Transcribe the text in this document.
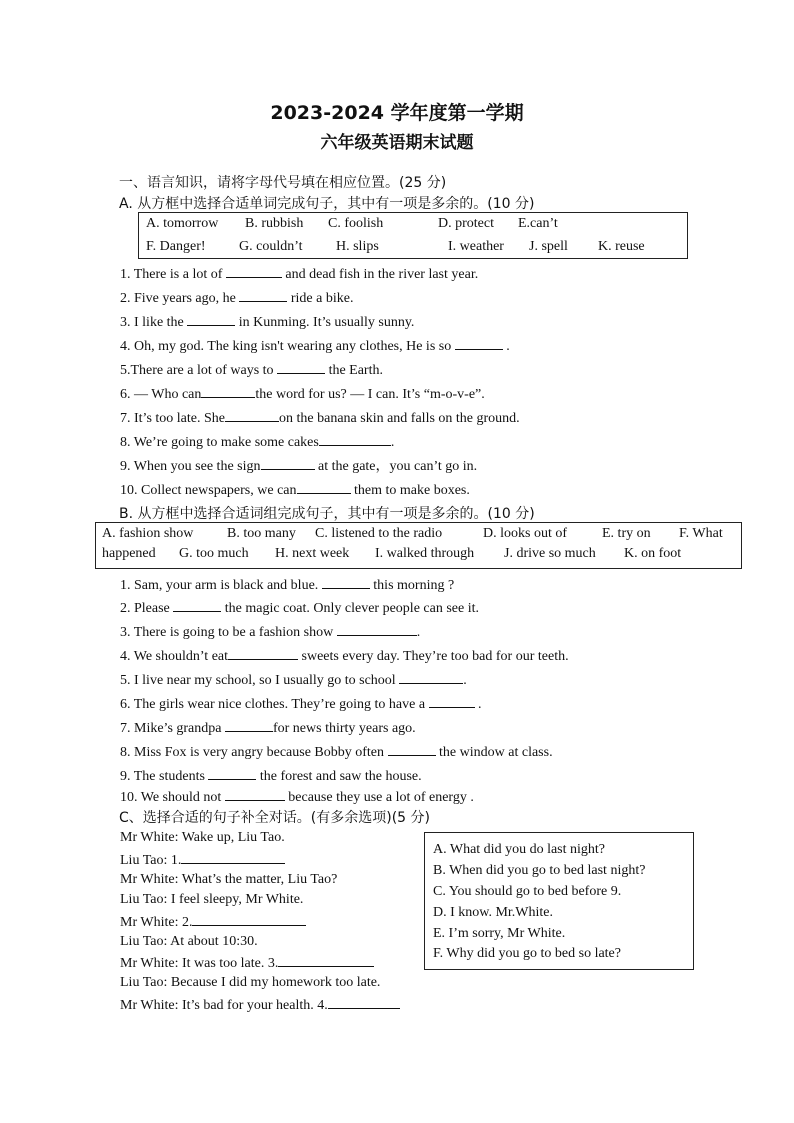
2023-2024 学年度第一学期
六年级英语期末试题
一、语言知识，请将字母代号填在相应位置。(25 分)
A. 从方框中选择合适单词完成句子，其中有一项是多余的。(10 分)
A. tomorrow B. rubbish C. foolish	D. protect E.can’t
F. Danger! G. couldn’t H. slips	I. weather J. spell K. reuse
1. There is a lot of	and dead fish in the river last year.
2. Five years ago, he	ride a bike.
3. I like the	in Kunming. It’s usually sunny.
4. Oh, my god. The king isn't wearing any clothes, He is so	.
5.There are a lot of ways to	the Earth.
6. — Who can	the word for us? — I can. It’s “m-o-v-e”.
7. It’s too late. She	on the banana skin and falls on the ground.
8. We’re going to make some cakes	.
9. When you see the sign	at the gate，you can’t go in.
10. Collect newspapers, we can	them to make boxes.
B. 从方框中选择合适词组完成句子，其中有一项是多余的。(10 分)
A. fashion show B. too many C. listened to the radio	D. looks out of	E. try on F. What
happened G. too much H. next week I. walked through J. drive so much K. on foot
1. Sam, your arm is black and blue.	this morning ?
2. Please	the magic coat. Only clever people can see it.
3. There is going to be a fashion show	.
4. We shouldn’t eat	sweets every day. They’re too bad for our teeth.
5. I live near my school, so I usually go to school	.
6. The girls wear nice clothes. They’re going to have a	.
7. Mike’s grandpa	for news thirty years ago.
8. Miss Fox is very angry because Bobby often	the window at class.
9. The students	the forest and saw the house.
10. We should not	because they use a lot of energy .
C、选择合适的句子补全对话。(有多余选项)(5 分)
Mr White: Wake up, Liu Tao.
Liu Tao: 1.
Mr White: What’s the matter, Liu Tao?
Liu Tao: I feel sleepy, Mr White.
Mr White: 2.
Liu Tao: At about 10:30.
Mr White: It was too late. 3.
Liu Tao: Because I did my homework too late.
Mr White: It’s bad for your health. 4.
A. What did you do last night?
B. When did you go to bed last night?
C. You should go to bed before 9.
D. I know. Mr.White.
E. I’m sorry, Mr White.
F. Why did you go to bed so late?
